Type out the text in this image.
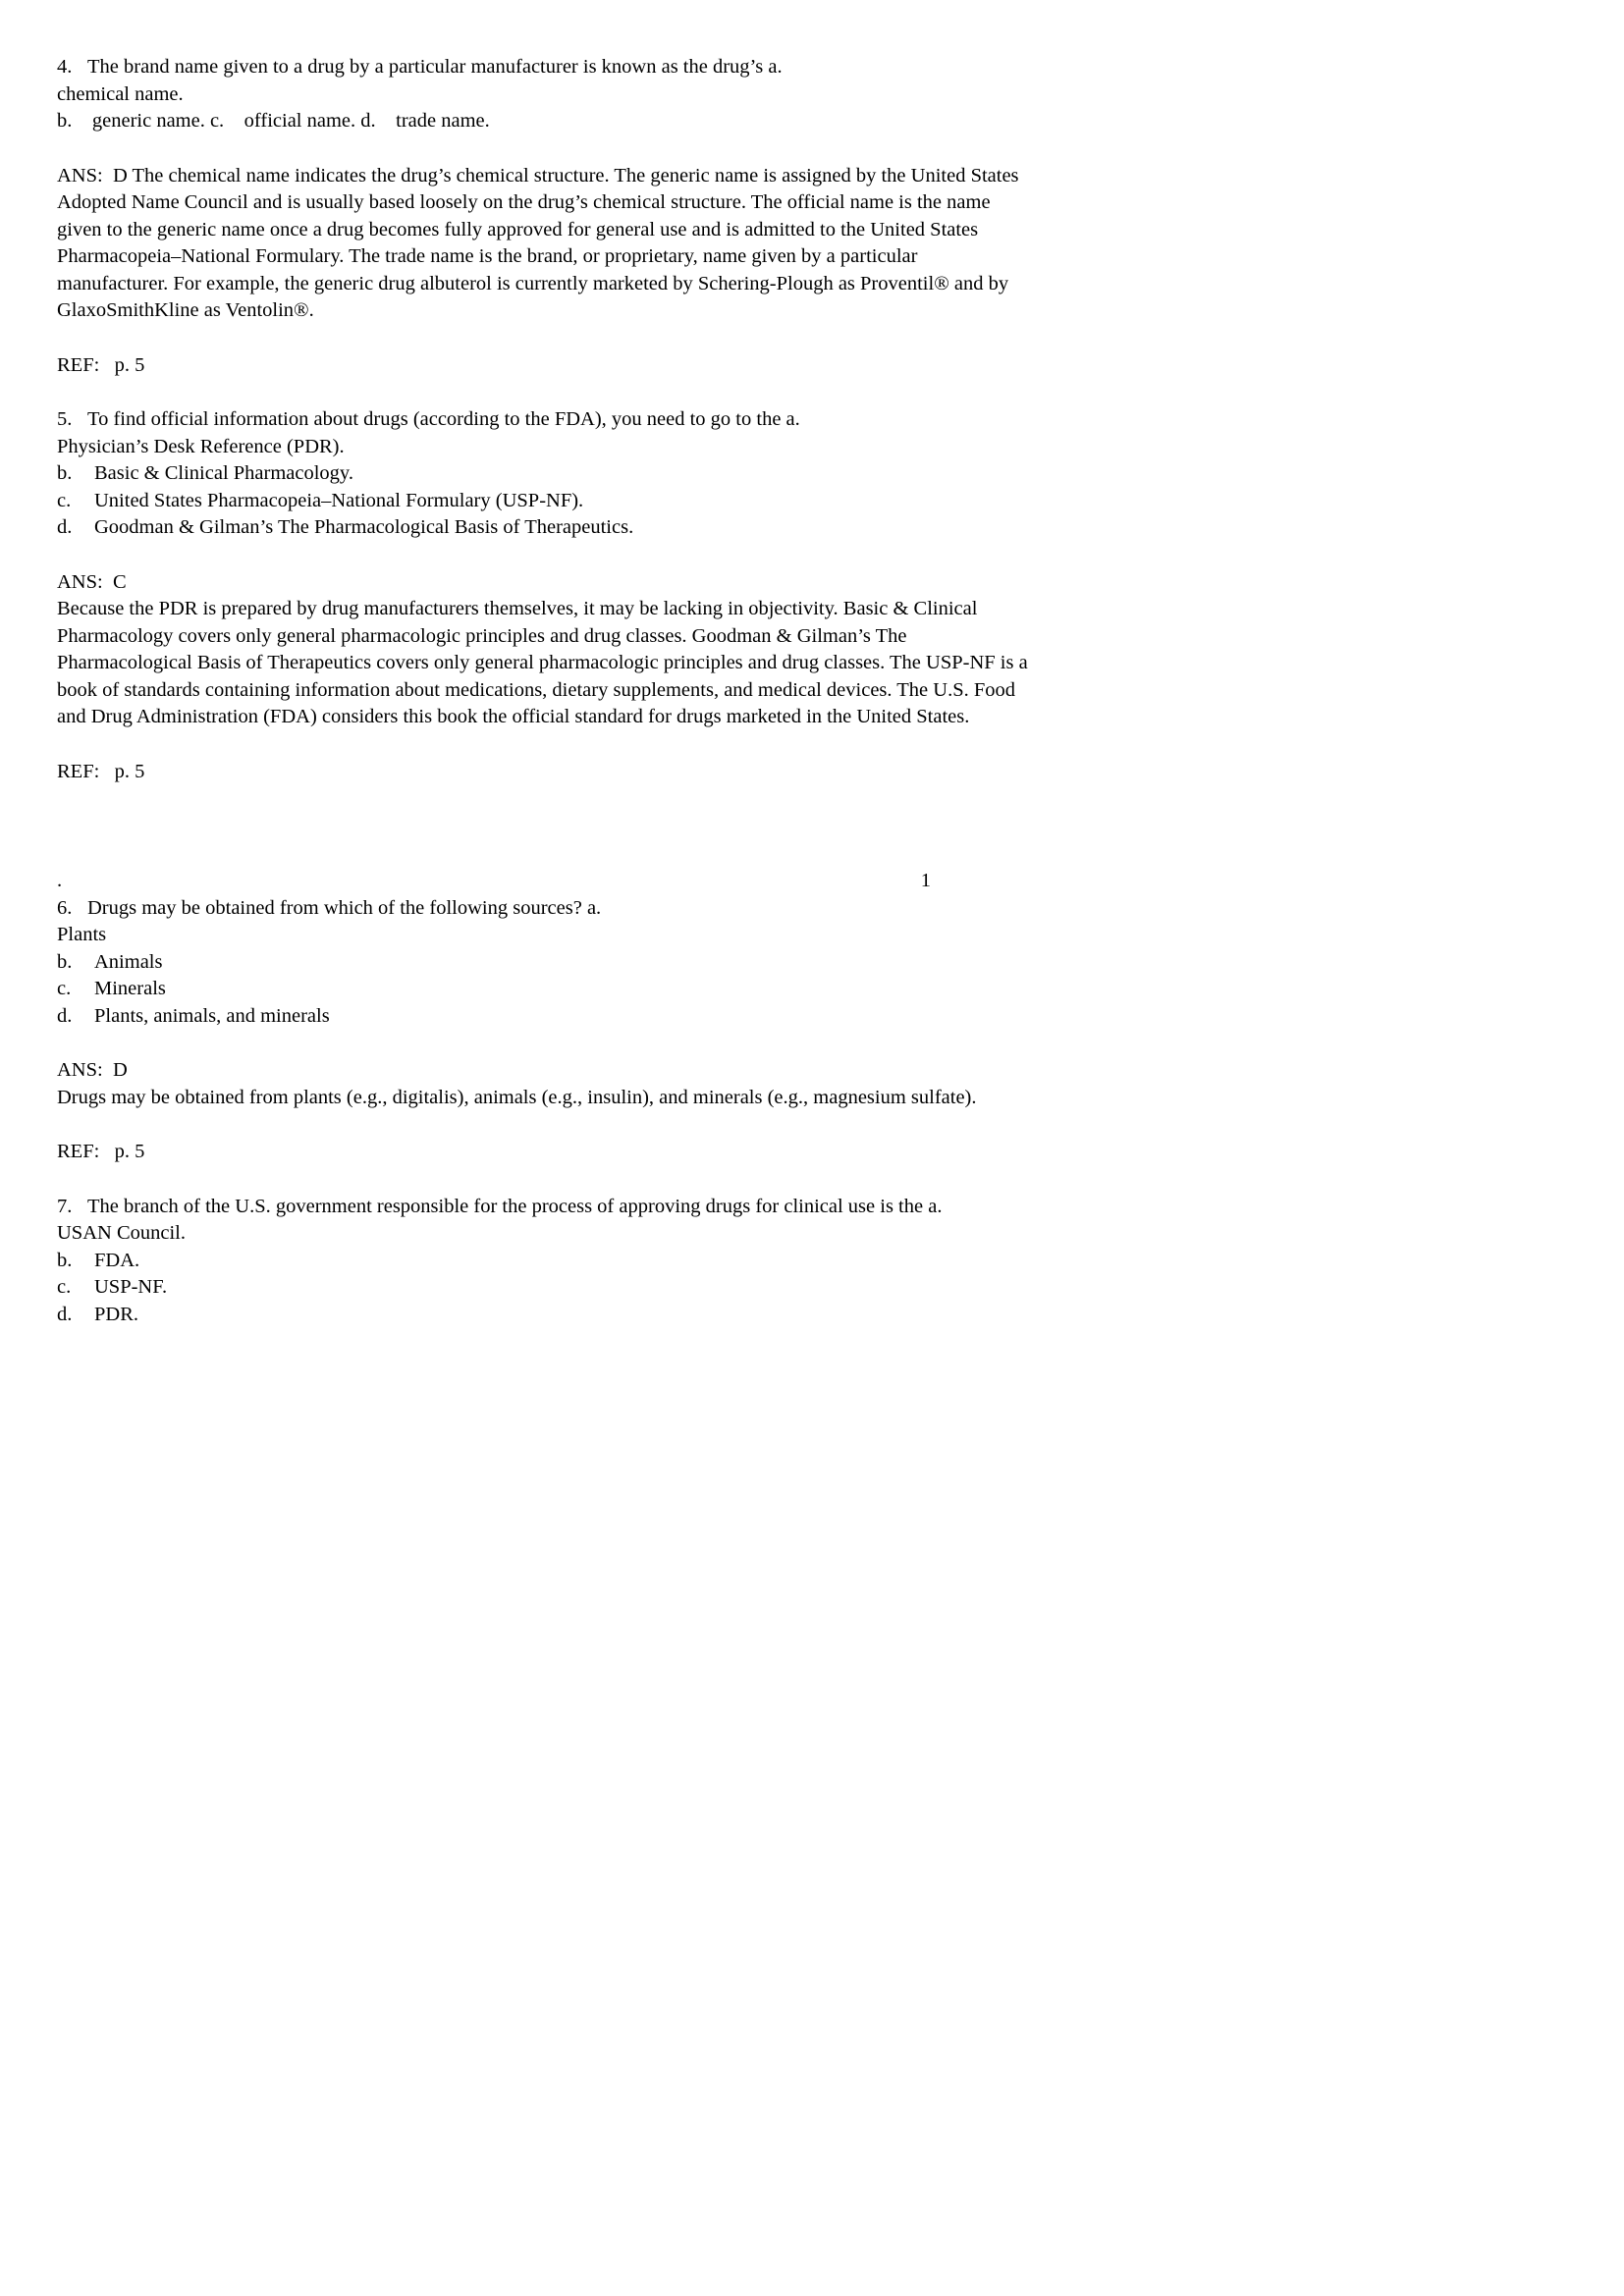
4. The brand name given to a drug by a particular manufacturer is known as the drug’s a.
chemical name.
b.    generic name. c.    official name. d.    trade name.
ANS:  D The chemical name indicates the drug’s chemical structure. The generic name is assigned by the United States Adopted Name Council and is usually based loosely on the drug’s chemical structure. The official name is the name given to the generic name once a drug becomes fully approved for general use and is admitted to the United States Pharmacopeia–National Formulary. The trade name is the brand, or proprietary, name given by a particular manufacturer. For example, the generic drug albuterol is currently marketed by Schering-Plough as Proventil® and by GlaxoSmithKline as Ventolin®.
REF:   p. 5
5. To find official information about drugs (according to the FDA), you need to go to the a.
Physician’s Desk Reference (PDR).
b.	Basic & Clinical Pharmacology.
c.	United States Pharmacopeia–National Formulary (USP-NF).
d.	Goodman & Gilman’s The Pharmacological Basis of Therapeutics.
ANS:  C
Because the PDR is prepared by drug manufacturers themselves, it may be lacking in objectivity. Basic & Clinical Pharmacology covers only general pharmacologic principles and drug classes. Goodman & Gilman’s The Pharmacological Basis of Therapeutics covers only general pharmacologic principles and drug classes. The USP-NF is a book of standards containing information about medications, dietary supplements, and medical devices. The U.S. Food and Drug Administration (FDA) considers this book the official standard for drugs marketed in the United States.
REF:   p. 5
.	1
6. Drugs may be obtained from which of the following sources? a.
Plants
b.	Animals
c.	Minerals
d.	Plants, animals, and minerals
ANS:  D
Drugs may be obtained from plants (e.g., digitalis), animals (e.g., insulin), and minerals (e.g., magnesium sulfate).
REF:   p. 5
7. The branch of the U.S. government responsible for the process of approving drugs for clinical use is the a.
USAN Council.
b.	FDA.
c.	USP-NF.
d.	PDR.
